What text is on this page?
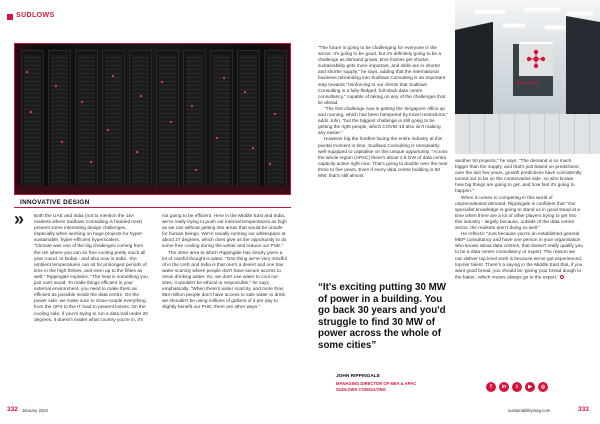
SUDLOWS
INNOVATIVE DESIGN
» Both the UAE and India (not to mention the 16A markets where Sudlows Consulting is headed next) present some interesting design challenges, especially when working on huge projects for hyper-sustainable, hyper-efficient hyperscalers.

"Climate was one of the big challenges coming from the UK where you can do free cooling pretty much all year round. In Dubai - and also now in India - the ambient temperatures can sit for prolonged periods of time in the high thirties, and even up to the fifties as well," Rippingale explains. "The heat is something you just can't avoid. To make things efficient in your external environment, you need to make them as efficient as possible inside the data centre. On the power side, we make sure to close-couple everything from the UPS to the IT load to prevent losses. On the cooling side, if you're trying to run a data hall under 20 degrees, it doesn't matter what country you're in, it's

not going to be efficient. Here in the Middle East and India, we're really trying to push our internal temperatures as high as we can without getting into areas that would be unsafe for human beings. We're usually running our whitespace at about 27 degrees, which does give us the opportunity to do some free cooling during the winter and reduce our PUE."

The other area to which Rippingale has clearly given a lot of careful thought is water. "One thing we're very mindful of in the UAE and India is that one's a desert and one has water scarcity where people don't have secure access to clean drinking water. So, we don't use water to cool our sites; it wouldn't be ethical or responsible," he says emphatically. "When there's water scarcity, and more than 884 million people don't have access to safe water to drink, we shouldn't be using millions of gallons of it per day to slightly benefit our PUE; there are other ways."

"The future is going to be challenging for everyone in the sector. It's going to be good, but it's definitely going to be a challenge as demand grows, time frames get shorter, sustainability gets more important, and skills are in shorter and shorter supply," he says, adding that the international business rebranding into Sudlows Consulting is an important step towards "reinforcing to our clients that Sudlows Consulting is a fully-fledged, full-stack data centre consultancy," capable of taking on any of the challenges that lie ahead.

"The first challenge now is getting the Singapore office up and running, which has been hampered by travel restrictions," adds John, "but the biggest challenge is still going to be getting the right people, which COVID-19 also isn't making any easier."

However big the hurdles facing the entire industry at this pivotal moment in time, Sudlows Consulting is remarkably well equipped to capitalise on this unique opportunity. "Across the whole region (APAC) there's about 2.5 GW of data centre capacity active right now. That's going to double over the next three to five years. Even if every data centre building is 50 MW, that's still almost

“It's exciting putting 30 MW of power in a building. You go back 30 years and you'd struggle to find 30 MW of power across the whole of some cities”
JOHN RIPPINGALE
MANAGING DIRECTOR OF MEA & APAC
SUDLOWS CONSULTING
SUDLOWS

another 50 projects," he says. "The demand is so much bigger than the supply, and that's just based on predictions; over the last few years, growth predictions have consistently turned out to be on the conservative side, so who knows how big things are going to get, and how fast it's going to happen."

When it comes to competing in this world of unprecedented demand, Rippingale is confident that "Our specialist knowledge is going to stand us in good stead at a time when there are a lot of other players trying to get into this industry - largely because, outside of the data centre sector, the markets aren't doing so well."

He reflects: "Just because you're an established general MEP consultancy and have one person in your organisation who knows about data centres, that doesn't really qualify you to be a data centre consultancy or expert. The reason we can deliver top level work is because we've got experienced, top-tier talent. There's a saying in the Middle East that, if you want good bread, you should be 'giving your bread dough to the baker,' which means always go to the expert."

f	in	t	▶	◎
332 January 2022	sustainabilitymag.com	333
